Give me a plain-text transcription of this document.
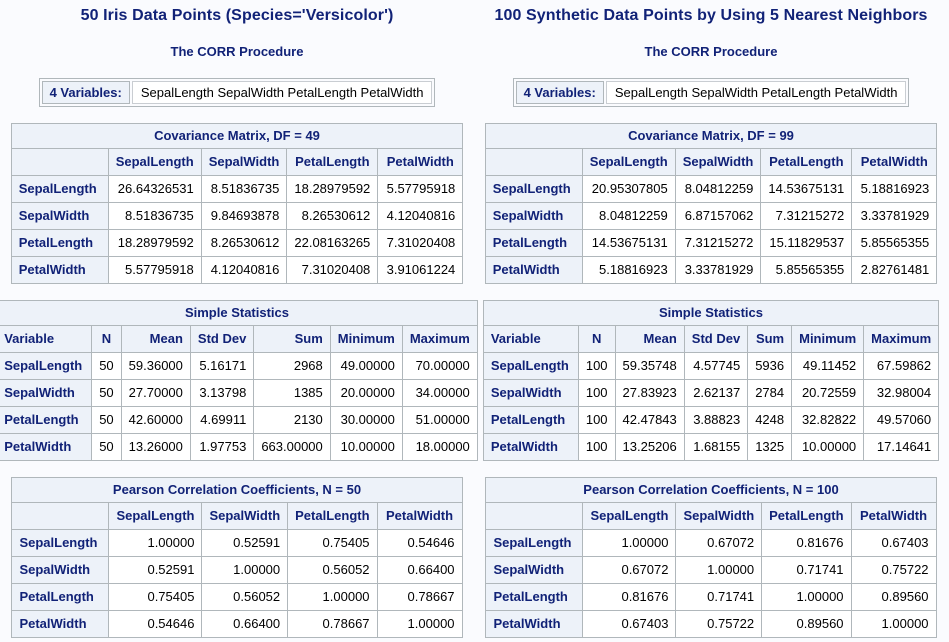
50 Iris Data Points (Species='Versicolor')
The CORR Procedure
4 Variables:	SepalLength SepalWidth PetalLength PetalWidth
Covariance Matrix, DF = 49				
	SepalLength	SepalWidth	PetalLength	PetalWidth
SepalLength	26.64326531	8.51836735	18.28979592	5.57795918
SepalWidth	8.51836735	9.84693878	8.26530612	4.12040816
PetalLength	18.28979592	8.26530612	22.08163265	7.31020408
PetalWidth	5.57795918	4.12040816	7.31020408	3.91061224
Simple Statistics						
Variable	N	Mean	Std Dev	Sum	Minimum	Maximum
SepalLength	50	59.36000	5.16171	2968	49.00000	70.00000
SepalWidth	50	27.70000	3.13798	1385	20.00000	34.00000
PetalLength	50	42.60000	4.69911	2130	30.00000	51.00000
PetalWidth	50	13.26000	1.97753	663.00000	10.00000	18.00000
Pearson Correlation Coefficients, N = 50				
	SepalLength	SepalWidth	PetalLength	PetalWidth
SepalLength	1.00000	0.52591	0.75405	0.54646
SepalWidth	0.52591	1.00000	0.56052	0.66400
PetalLength	0.75405	0.56052	1.00000	0.78667
PetalWidth	0.54646	0.66400	0.78667	1.00000
100 Synthetic Data Points by Using 5 Nearest Neighbors
The CORR Procedure
4 Variables:	SepalLength SepalWidth PetalLength PetalWidth
Covariance Matrix, DF = 99				
	SepalLength	SepalWidth	PetalLength	PetalWidth
SepalLength	20.95307805	8.04812259	14.53675131	5.18816923
SepalWidth	8.04812259	6.87157062	7.31215272	3.33781929
PetalLength	14.53675131	7.31215272	15.11829537	5.85565355
PetalWidth	5.18816923	3.33781929	5.85565355	2.82761481
Simple Statistics						
Variable	N	Mean	Std Dev	Sum	Minimum	Maximum
SepalLength	100	59.35748	4.57745	5936	49.11452	67.59862
SepalWidth	100	27.83923	2.62137	2784	20.72559	32.98004
PetalLength	100	42.47843	3.88823	4248	32.82822	49.57060
PetalWidth	100	13.25206	1.68155	1325	10.00000	17.14641
Pearson Correlation Coefficients, N = 100				
	SepalLength	SepalWidth	PetalLength	PetalWidth
SepalLength	1.00000	0.67072	0.81676	0.67403
SepalWidth	0.67072	1.00000	0.71741	0.75722
PetalLength	0.81676	0.71741	1.00000	0.89560
PetalWidth	0.67403	0.75722	0.89560	1.00000
